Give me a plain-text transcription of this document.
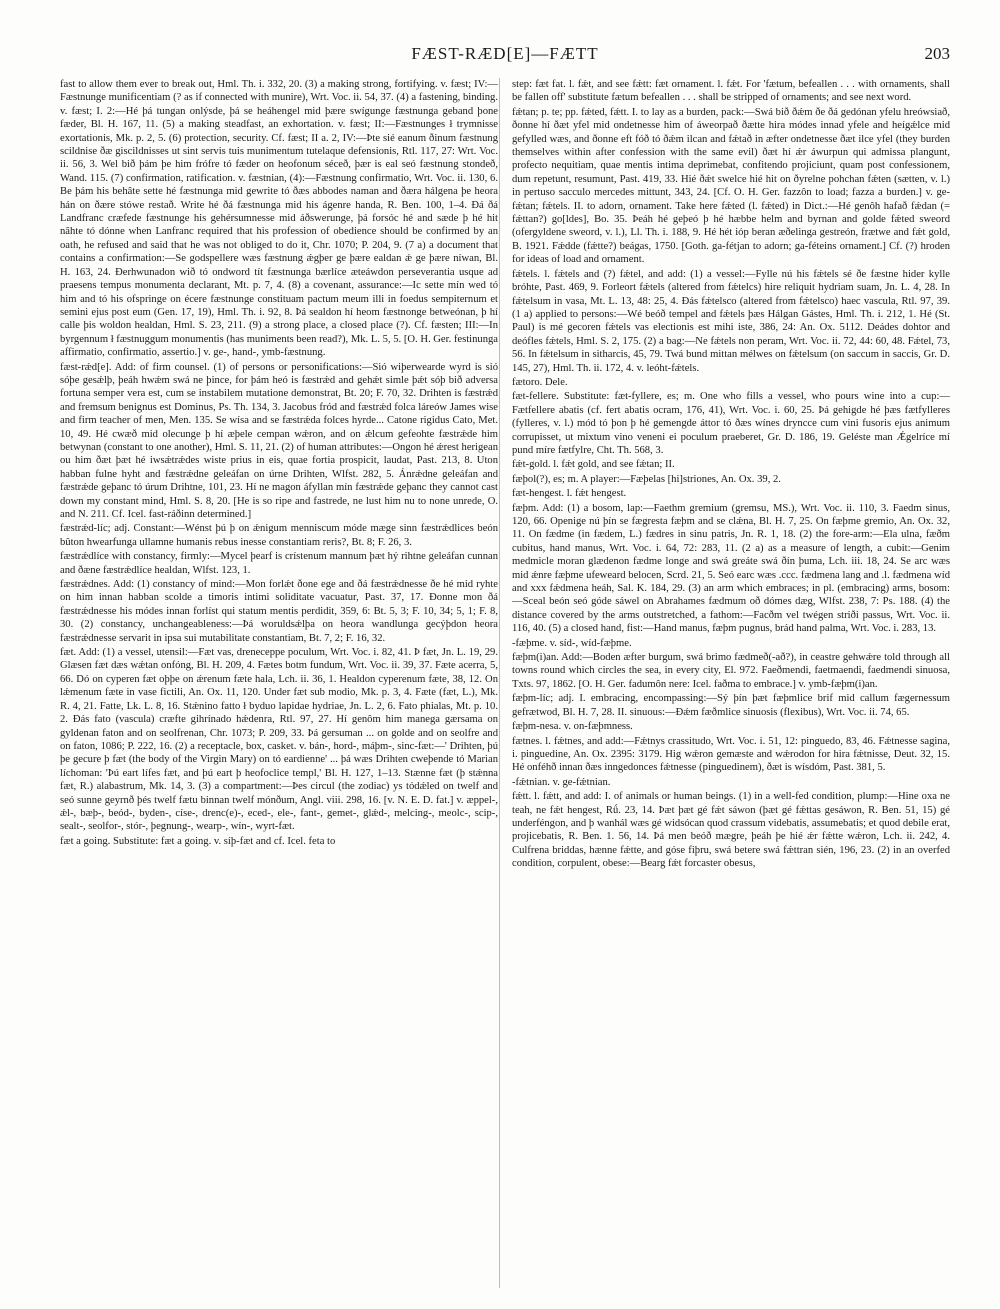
FÆST-RÆD[E]—FÆTT	203

fast to allow them ever to break out, Hml. Th. i. 332, 20. (3) a making strong, fortifying. v. fæst; IV:—Fæstnunge munificentiam (? as if connected with munire), Wrt. Voc. ii. 54, 37. (4) a fastening, binding. v. fæst; I. 2:—Hé þá tungan onlýsde, þá se heáhengel mid þære swígunge fæstnunga geband þone fæder, Bl. H. 167, 11. (5) a making steadfast, an exhortation. v. fæst; II:—Fæstnunges ł trymnisse exortationis, Mk. p. 2, 5. (6) protection, security. Cf. fæst; II a. 2, IV:—Þte sié eanum ðinum fæstnung scildnise ðæ giscildnisses ut sint servis tuis munimentum tutelaque defensionis, Rtl. 117, 27: Wrt. Voc. ii. 56, 3. Wel bið þám þe him frófre tó fæder on heofonum séceð, þær is eal seó fæstnung stondeð, Wand. 115. (7) confirmation, ratification. v. fæstnian, (4):—Fæstnung confirmatio, Wrt. Voc. ii. 130, 6. Be þám his behâte sette hé fæstnunga mid gewrite tó ðæs abbodes naman and ðæra hálgena þe heora hán on ðære stówe restað. Write hé ðá fæstnunga mid his ágenre handa, R. Ben. 100, 1–4. Ðá ðá Landfranc cræfede fæstnunge his gehérsumnesse mid áðswerunge, þá forsóc hé and sæde þ hé hit nâhte tó dónne when Lanfranc required that his profession of obedience should be confirmed by an oath, he refused and said that he was not obliged to do it, Chr. 1070; P. 204, 9. (7 a) a document that contains a confirmation:—Se godspellere wæs fæstnung ǽgþer ge þære ealdan ǽ ge þære níwan, Bl. H. 163, 24. Ðerhwunadon wið tó ondword tít fæstnunga bærlíce æteáwdon perseverantia usque ad praesens tempus monumenta declarant, Mt. p. 7, 4. (8) a covenant, assurance:—Ic sette mín wed tó him and tó his ofspringe on écere fæstnunge constituam pactum meum illi in foedus sempiternum et semini ejus post eum (Gen. 17, 19), Hml. Th. i. 92, 8. Þá sealdon hí heom fæstnonge betweónan, þ hí calle þis woldon healdan, Hml. S. 23, 211. (9) a strong place, a closed place (?). Cf. fæsten; III:—In byrgennum ł fæstnuggum monumentis (has muniments been read?), Mk. L. 5, 5. [O. H. Ger. festinunga affirmatio, confirmatio, assertio.] v. ge-, hand-, ymb-fæstnung.

fæst-rǽd[e]. Add: of firm counsel. (1) of persons or personifications:—Sió wiþerwearde wyrd is sió sóþe gesǽlþ, þeáh hwǽm swá ne þince, for þám heó is fæstrǽd and gehǽt simle þǽt sóþ bið adversa fortuna semper vera est, cum se instabilem mutatione demonstrat, Bt. 20; F. 70, 32. Drihten is fæstrǽd and fremsum benignus est Dominus, Ps. Th. 134, 3. Jacobus fród and fæstrǽd folca láreów James wise and firm teacher of men, Men. 135. Se wísa and se fæstrǽda folces hyrde... Catone rigidus Cato, Met. 10, 49. Hé cwæð mid olecunge þ hí æþele cempan wǽron, and on ǽlcum gefeohte fæstrǽde him betwynan (constant to one another), Hml. S. 11, 21. (2) of human attributes:—Ongon hé ǽrest herigean ou him ðæt þæt hé iwsǽtrǽdes wiste prius in eis, quae fortia prospicit, laudat, Past. 213, 8. Uton habban fulne hyht and fæstrǽdne geleáfan on úrne Drihten, Wlfst. 282, 5. Ánrǽdne geleáfan and fæstrǽde geþanc tó úrum Drihtne, 101, 23. Hí ne magon áfyllan mín fæstrǽde geþanc they cannot cast down my constant mind, Hml. S. 8, 20. [He is so ripe and fastrede, ne lust him nu to none unrede, O. and N. 211. Cf. Icel. fast-ráðinn determined.]

fæstrǽd-líc; adj. Constant:—Wénst þú þ on ǽnigum menniscum móde mæge sinn fæstrǽdlices beón bûton hwearfunga ullamne humanis rebus inesse constantiam reris?, Bt. 8; F. 26, 3.

fæstrǽdlíce with constancy, firmly:—Mycel þearf is crístenum mannum þæt hý rihtne geleáfan cunnan and ðæne fæstrǽdlíce healdan, Wlfst. 123, 1.

fæstrǽdnes. Add: (1) constancy of mind:—Mon forlǽt ðone ege and ðá fæstrǽdnesse ðe hé mid ryhte on him innan habban scolde a timoris intimi soliditate vacuatur, Past. 37, 17. Ðonne mon ðá fæstrǽdnesse his módes innan forlíst qui statum mentis perdidit, 359, 6: Bt. 5, 3; F. 10, 34; 5, 1; F. 8, 30. (2) constancy, unchangeableness:—Þá woruldsǽlþa on heora wandlunga gecýþdon heora fæstrǽdnesse servarit in ipsa sui mutabilitate constantiam, Bt. 7, 2; F. 16, 32.

fæt. Add: (1) a vessel, utensil:—Fæt vas, dreneceppe poculum, Wrt. Voc. i. 82, 41. Þ fæt, Jn. L. 19, 29. Glæsen fæt dæs wǽtan onfóng, Bl. H. 209, 4. Fætes botm fundum, Wrt. Voc. ii. 39, 37. Fæte acerra, 5, 66. Dó on cyperen fæt oþþe on ǽrenum fæte hala, Lch. ii. 36, 1. Healdon cyperenum fæte, 38, 12. On lǽmenum fæte in vase fictili, An. Ox. 11, 120. Under fæt sub modio, Mk. p. 3, 4. Fæte (fæt, L.), Mk. R. 4, 21. Fatte, Lk. L. 8, 16. Stǽnino fatto ł byduo lapidae hydriae, Jn. L. 2, 6. Fato phialas, Mt. p. 10. 2. Ðás fato (vascula) cræfte gihrínado hǽdenra, Rtl. 97, 27. Hí genôm him manega gærsama on gyldenan faton and on seolfrenan, Chr. 1073; P. 209, 33. Þá gersuman ... on golde and on seolfre and on faton, 1086; P. 222, 16. (2) a receptacle, box, casket. v. bán-, hord-, máþm-, sinc-fæt:—' Drihten, þú þe gecure þ fæt (the body of the Virgin Mary) on tó eardienne' ... þá wæs Drihten cweþende tó Marian líchoman: 'Þú eart lífes fæt, and þú eart þ heofoclice templ,' Bl. H. 127, 1–13. Stænne fæt (þ stǽnna fæt, R.) alabastrum, Mk. 14, 3. (3) a compartment:—Þes circul (the zodiac) ys tódǽled on twelf and seó sunne geyrnð þés twelf fætu binnan twelf mónðum, Angl. viii. 298, 16. [v. N. E. D. fat.] v. æppel-, ǽl-, bæþ-, beód-, byden-, císe-, drenc(e)-, eced-, ele-, fant-, gemet-, glǽd-, melcing-, meolc-, scip-, sealt-, seolfor-, stór-, þegnung-, wearp-, wín-, wyrt-fæt.

fæt a going. Substitute: fæt a going. v. síþ-fæt and cf. Icel. feta to

step: fæt fat. l. fǽt, and see fǽtt: fæt ornament. l. fǽt. For 'fætum, befeallen . . . with ornaments, shall be fallen off' substitute fætum befeallen . . . shall be stripped of ornaments; and see next word.

fǽtan; p. te; pp. fǽted, fǽtt. I. to lay as a burden, pack:—Swá bið ðǽm ðe ðá gedónan yfelu hreówsiað, ðonne hí ðæt yfel mid ondetnesse him of áweorpað ðætte hira módes innad yfele and heígǽlce mid gefylled wæs, and ðonne eft fóð tó ðǽm ilcan and fǽtað in æfter ondetnesse ðæt ilce yfel (they burden themselves within after confession with the same evil) ðæt hí ǽr áwurpun qui admissa plangunt, profecto nequitiam, quae mentis intima deprimebat, confitendo projiciunt, quam post confessionem, dum repetunt, resumunt, Past. 419, 33. Hié ðǽt swelce hié hit on ðyrelne pohchan fǽten (sætten, v. l.) in pertuso sacculo mercedes mittunt, 343, 24. [Cf. O. H. Ger. fazzôn to load; fazza a burden.] v. ge-fǽtan; fǽtels. II. to adorn, ornament. Take here fǽted (l. fǽted) in Dict.:—Hé genôh hafað fǽdan (= fǽttan?) go[ldes], Bo. 35. Þeáh hé geþeó þ hé hæbbe helm and byrnan and golde fǽted sweord (ofergyldene sweord, v. l.), Ll. Th. i. 188, 9. Hé hét ióp beran æðelinga gestreón, frætwe and fǽt gold, B. 1921. Fǽdde (fǽtte?) beágas, 1750. [Goth. ga-fétjan to adorn; ga-féteins ornament.] Cf. (?) hroden for ideas of load and ornament.

fǽtels. l. fǽtels and (?) fǽtel, and add: (1) a vessel:—Fylle nú his fǽtels sé ðe fæstne hider kylle bróhte, Past. 469, 9. Forleort fǽtels (altered from fǽtelcs) hire reliquit hydriam suam, Jn. L. 4, 28. In fǽtelsum in vasa, Mt. L. 13, 48: 25, 4. Ðás fǽtelsco (altered from fǽtelsco) haec vascula, Rtl. 97, 39. (1 a) applied to persons:—Wé beóð tempel and fǽtels þæs Hálgan Gástes, Hml. Th. i. 212, 1. Hé (St. Paul) is mé gecoren fǽtels vas electionis est mihi iste, 386, 24: An. Ox. 5112. Deádes dohtor and deófles fǽtels, Hml. S. 2, 175. (2) a bag:—Ne fǽtels non peram, Wrt. Voc. ii. 72, 44: 60, 48. Fǽtel, 73, 56. In fǽtelsum in sitharcis, 45, 79. Twá bund mittan mélwes on fǽtelsum (on saccum in saccis, Gr. D. 145, 27), Hml. Th. ii. 172, 4. v. leóht-fǽtels.

fætoro. Dele.

fæt-fellere. Substitute: fæt-fyllere, es; m. One who fills a vessel, who pours wine into a cup:—Fætfellere abatis (cf. fert abatis ocram, 176, 41), Wrt. Voc. i. 60, 25. Þá gehigde hé þæs fætfylleres (fylleres, v. l.) mód tó þon þ hé gemengde áttor tó ðæs wínes dryncce cum vini fusoris ejus animum corrupisset, ut mixtum vino veneni ei poculum praeberet, Gr. D. 186, 19. Geléste man Ǽgelríce mí pund míre fætfylre, Cht. Th. 568, 3.

fǽt-gold. l. fǽt gold, and see fǽtan; II.

fæþol(?), es; m. A player:—Fæþelas [hi]striones, An. Ox. 39, 2.

fæt-hengest. l. fǽt hengest.

fæþm. Add: (1) a bosom, lap:—Faethm gremium (gremsu, MS.), Wrt. Voc. ii. 110, 3. Faedm sinus, 120, 66. Openige nú þín se fægresta fæþm and se clǽna, Bl. H. 7, 25. On fæþme gremio, An. Ox. 32, 11. On fædme (in fædem, L.) fædres in sinu patris, Jn. R. 1, 18. (2) the fore-arm:—Ela ulna, fæðm cubitus, hand manus, Wrt. Voc. i. 64, 72: 283, 11. (2 a) as a measure of length, a cubit:—Genim medmicle moran glædenon fædme longe and swá greáte swá ðín þuma, Lch. iii. 18, 24. Se arc wæs mid ǽnre fæþme ufeweard belocen, Scrd. 21, 5. Seó earc wæs .ccc. fædmena lang and .l. fædmena wíd and xxx fǽdmena heáh, Sal. K. 184, 29. (3) an arm which embraces; in pl. (embracing) arms, bosom:—Sceal beón seó góde sáwel on Abrahames fædmum oð dómes dæg, Wlfst. 238, 7: Ps. 188. (4) the distance covered by the arms outstretched, a fathom:—Facðm vel twégen striði passus, Wrt. Voc. ii. 116, 40. (5) a closed hand, fist:—Hand manus, fæþm pugnus, brád hand palma, Wrt. Voc. i. 283, 13.

-fæþme. v. síd-, wíd-fæþme.

fæþm(i)an. Add:—Boden æfter burgum, swá brimo fædmeð(-að?), in ceastre gehwǽre told through all towns round which circles the sea, in every city, El. 972. Faeðmendi, faetmaendi, faedmendi sinuosa, Txts. 97, 1862. [O. H. Ger. fadumôn nere: Icel. faðma to embrace.] v. ymb-fæþm(i)an.

fæþm-líc; adj. I. embracing, encompassing:—Sý þín þæt fæþmlice brif mid callum fægernessum gefrætwod, Bl. H. 7, 28. II. sinuous:—Ðǽm fæðmlice sinuosis (flexibus), Wrt. Voc. ii. 74, 65.

fæþm-nesa. v. on-fæþmness.

fætnes. l. fǽtnes, and add:—Fǽtnys crassitudo, Wrt. Voc. i. 51, 12: pinguedo, 83, 46. Fǽtnesse sagina, i. pinguedine, An. Ox. 2395: 3179. Hig wǽron gemæste and wǽrodon for hira fǽtnisse, Deut. 32, 15. Hé onféhð innan ðæs inngedonces fǽtnesse (pinguedinem), ðæt is wísdóm, Past. 381, 5.

-fǽtnian. v. ge-fǽtnian.

fǽtt. l. fǽtt, and add: I. of animals or human beings. (1) in a well-fed condition, plump:—Hine oxa ne teah, ne fǽt hengest, Rǘ. 23, 14. Þæt þæt gé fǽt sáwon (þæt gé fǽttas gesáwon, R. Ben. 51, 15) gé underféngon, and þ wanhál wæs gé widsócan quod crassum videbatis, assumebatis; et quod debile erat, projicebatis, R. Ben. 1. 56, 14. Þá men beóð mægre, þeáh þe hié ǽr fǽtte wǽron, Lch. ii. 242, 4. Culfrena briddas, hænne fǽtte, and góse fiþru, swá betere swá fǽttran sién, 196, 23. (2) in an overfed condition, corpulent, obese:—Bearg fǽt forcaster obesus,
